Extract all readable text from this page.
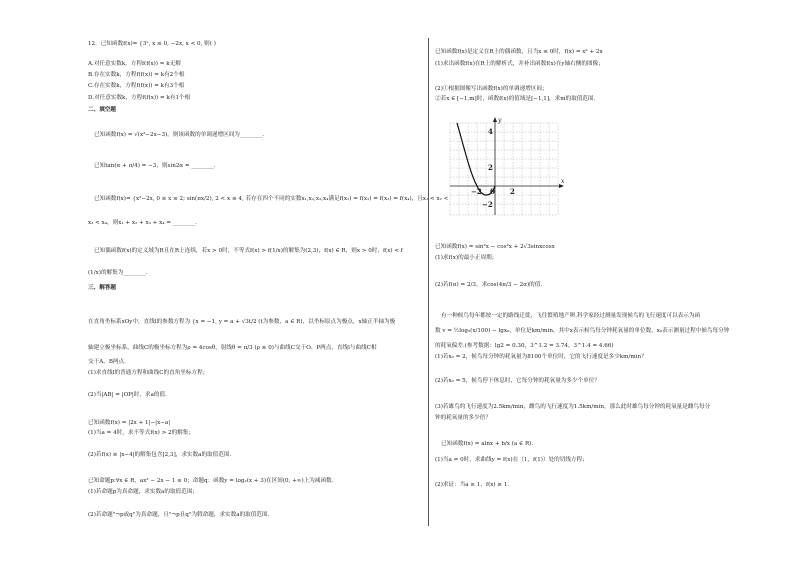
12．已知函数f(x)= {3ˣ, x ≤ 0, −2x, x < 0, 则( )
A.对任意实数k，方程f(f(x)) = k无解
B.存在实数k，方程f(f(x)) = k有2个根
C.存在实数k，方程f(f(x)) = k有3个根
D.对任意实数k，方程f(f(x)) = k有1个根
二、填空题
已知函数f(x) = √(x²−2x−3)，则该函数的单调递增区间为________.
已知tan(α + π/4) = −3，则sin2α = ________.
已知函数f(x)= {x²−2x, 0 ≤ x ≤ 2; sin(πx/2), 2 < x ≤ 4, 若存在四个不同的实数x₁,x₂,x₃,x₄满足f(x₁) = f(x₂) = f(x₃) = f(x₄)，且x₁ < x₂ <
x₃ < x₄，则x₁ + x₂ + x₃ + x₄ = ________.
已知偶函数f(x)的定义域为R且在R上连续，若x > 0时，不等式f(x) > f(1/x)的解集为(2,3)，f(x) ∈ R，则x > 0时，f(x) < f
(1/x)的解集为________.
三、解答题
在直角坐标系xOy中，直线l的参数方程为 {x = −1, y = a + √3t/2 (t为参数，a ∈ R)，以坐标原点为极点，x轴正半轴为极
轴建立极坐标系，曲线C的极坐标方程为ρ = 4cosθ，射线θ = π/3 (ρ ≥ 0)与曲线C交于O、P两点，直线l与曲线C相
交于A、B两点.
(1)求直线l的普通方程和曲线C的直角坐标方程；
(2)当|AB| = |OP|时，求a的值.
已知函数f(x) = |2x + 1|−|x−a|
(1)当a = 4时，求不等式f(x) > 2的解集；
(2)若f(x) ≥ |x−4|的解集包含[2,3]，求实数a的取值范围.
已知命题p:∀x ∈ R，ax² − 2x − 1 ≤ 0；命题q：函数y = log₂(x + 3)在区间(0, +∞)上为减函数.
(1)若命题p为真命题，求实数a的取值范围；
(2)若命题"¬p或q"为真命题，且"¬p且q"为假命题，求实数a的取值范围.
已知函数f(x)是定义在R上的偶函数，且当x ≤ 0时，f(x) = x² + 2x
(1)求出函数f(x)在R上的解析式，并补出函数f(x)在y轴右侧的图像；
(2)①根据图像写出函数f(x)的单调递增区间；
②若x ∈ [−1,m]时，函数f(x)的值域是[−1,1]，求m的取值范围.
已知函数f(x) = sin²x − cos²x + 2√3sinxcosx
(1)求f(x)的最小正周期；
(2)若f(α) = 2/3，求cos(4π/3 − 2α)的值.
有一种候鸟每年都按一定的路线迁徙，飞往繁殖地产卵.科学家经过测量发现候鸟的飞行速度可以表示为函
数 v = ½log₃(x/100) − lgx₀，单位是km/min，其中x表示候鸟每分钟耗氧量的单位数，x₀表示测量过程中候鸟每分钟
的耗氧偏差.(参考数据：lg2 = 0.30，3^1.2 = 3.74，3^1.4 = 4.66)
(1)若x₀ = 2，候鸟每分钟的耗氧量为8100个单位时，它的飞行速度是多少km/min？
(2)若x₀ = 5，候鸟停下休息时，它每分钟的耗氧量为多少个单位？
(3)若雄鸟的飞行速度为2.5km/min，雌鸟的飞行速度为1.5km/min，那么此时雄鸟每分钟的耗氧量是雌鸟每分
钟的耗氧量的多少倍？
已知函数f(x) = alnx + b/x (a ∈ R).
(1)当a = 0时，求曲线y = f(x)在（1，f(1)）处的切线方程；
(2)求证：当a ≥ 1，f(x) ≥ 1.
y
x
4
2
−2
−2 0 2
